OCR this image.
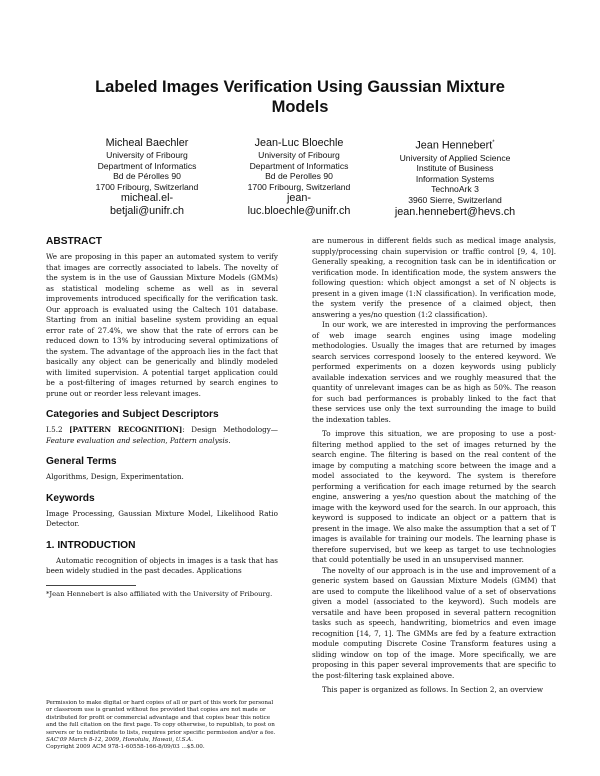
Labeled Images Verification Using Gaussian Mixture
Models
Micheal Baechler
University of Fribourg
Department of Informatics
Bd de Pérolles 90
1700 Fribourg, Switzerland
micheal.el-
betjali@unifr.ch
Jean-Luc Bloechle
University of Fribourg
Department of Informatics
Bd de Perolles 90
1700 Fribourg, Switzerland
jean-
luc.bloechle@unifr.ch
Jean Hennebert*
University of Applied Science
Institute of Business
Information Systems
TechnoArk 3
3960 Sierre, Switzerland
jean.hennebert@hevs.ch
ABSTRACT

We are proposing in this paper an automated system to verify that images are correctly associated to labels. The novelty of the system is in the use of Gaussian Mixture Models (GMMs) as statistical modeling scheme as well as in several improvements introduced specifically for the verification task. Our approach is evaluated using the Caltech 101 database. Starting from an initial baseline system providing an equal error rate of 27.4%, we show that the rate of errors can be reduced down to 13% by introducing several optimizations of the system. The advantage of the approach lies in the fact that basically any object can be generically and blindly modeled with limited supervision. A potential target application could be a post-filtering of images returned by search engines to prune out or reorder less relevant images.

Categories and Subject Descriptors

I.5.2 [PATTERN RECOGNITION]: Design Methodology—Feature evaluation and selection, Pattern analysis.

General Terms

Algorithms, Design, Experimentation.

Keywords

Image Processing, Gaussian Mixture Model, Likelihood Ratio Detector.

1. INTRODUCTION

Automatic recognition of objects in images is a task that has been widely studied in the past decades. Applications

*Jean Hennebert is also affiliated with the University of Fribourg.

Permission to make digital or hard copies of all or part of this work for personal or classroom use is granted without fee provided that copies are not made or distributed for profit or commercial advantage and that copies bear this notice and the full citation on the first page. To copy otherwise, to republish, to post on servers or to redistribute to lists, requires prior specific permission and/or a fee.
SAC'09 March 8-12, 2009, Honolulu, Hawaii, U.S.A.
Copyright 2009 ACM 978-1-60558-166-8/09/03 ...$5.00.

are numerous in different fields such as medical image analysis, supply/processing chain supervision or traffic control [9, 4, 10]. Generally speaking, a recognition task can be in identification or verification mode. In identification mode, the system answers the following question: which object amongst a set of N objects is present in a given image (1:N classification). In verification mode, the system verify the presence of a claimed object, then answering a yes/no question (1:2 classification).

In our work, we are interested in improving the performances of web image search engines using image modeling methodologies. Usually the images that are returned by images search services correspond loosely to the entered keyword. We performed experiments on a dozen keywords using publicly available indexation services and we roughly measured that the quantity of unrelevant images can be as high as 50%. The reason for such bad performances is probably linked to the fact that these services use only the text surrounding the image to build the indexation tables.

To improve this situation, we are proposing to use a post-filtering method applied to the set of images returned by the search engine. The filtering is based on the real content of the image by computing a matching score between the image and a model associated to the keyword. The system is therefore performing a verification for each image returned by the search engine, answering a yes/no question about the matching of the image with the keyword used for the search. In our approach, this keyword is supposed to indicate an object or a pattern that is present in the image. We also make the assumption that a set of T images is available for training our models. The learning phase is therefore supervised, but we keep as target to use technologies that could potentially be used in an unsupervised manner.

The novelty of our approach is in the use and improvement of a generic system based on Gaussian Mixture Models (GMM) that are used to compute the likelihood value of a set of observations given a model (associated to the keyword). Such models are versatile and have been proposed in several pattern recognition tasks such as speech, handwriting, biometrics and even image recognition [14, 7, 1]. The GMMs are fed by a feature extraction module computing Discrete Cosine Transform features using a sliding window on top of the image. More specifically, we are proposing in this paper several improvements that are specific to the post-filtering task explained above.

This paper is organized as follows. In Section 2, an overview
